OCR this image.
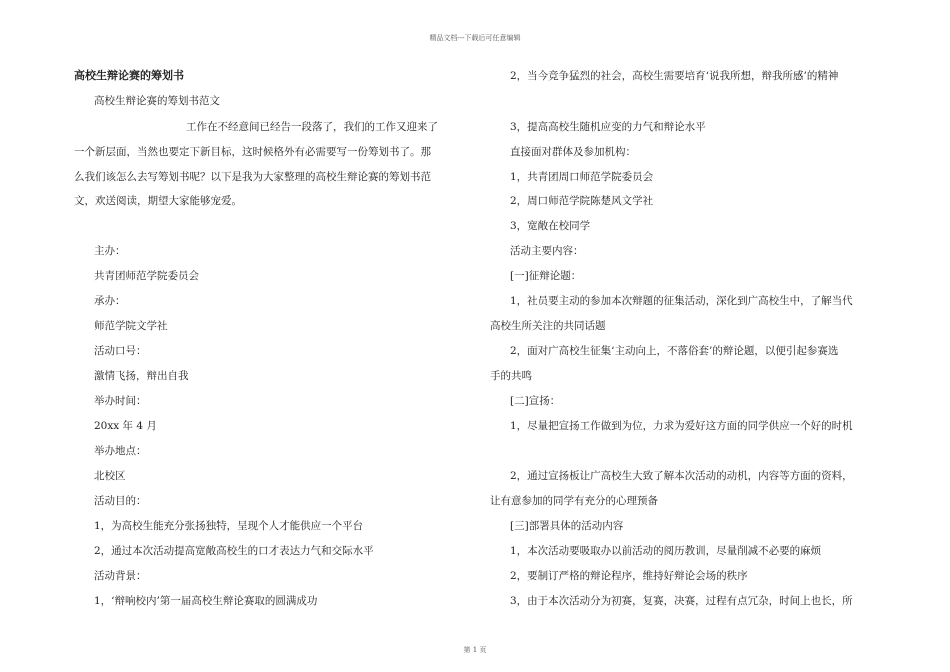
精品文档---下载后可任意编辑
高校生辩论赛的筹划书
高校生辩论赛的筹划书范文
工作在不经意间已经告一段落了，我们的工作又迎来了
一个新层面，当然也要定下新目标，这时候格外有必需要写一份筹划书了。那
么我们该怎么去写筹划书呢？以下是我为大家整理的高校生辩论赛的筹划书范
文，欢送阅读，期望大家能够宠爱。
主办：
共青团师范学院委员会
承办：
师范学院文学社
活动口号：
激情飞扬，辩出自我
举办时间：
20xx 年 4 月
举办地点：
北校区
活动目的：
1，为高校生能充分张扬独特，呈现个人才能供应一个平台
2，通过本次活动提高宽敞高校生的口才表达力气和交际水平
活动背景：
1，‘辩响校内’第一届高校生辩论赛取的圆满成功
2，当今竞争猛烈的社会，高校生需要培育‘说我所想，辩我所感’的精神
3，提高高校生随机应变的力气和辩论水平
直接面对群体及参加机构：
1，共青团周口师范学院委员会
2，周口师范学院陈楚风文学社
3，宽敞在校同学
活动主要内容：
[一]征辩论题：
1，社员要主动的参加本次辩题的征集活动，深化到广高校生中，了解当代
高校生所关注的共同话题
2，面对广高校生征集‘主动向上，不落俗套’的辩论题，以便引起参赛选
手的共鸣
[二]宣扬：
1，尽量把宣扬工作做到为位，力求为爱好这方面的同学供应一个好的时机
2，通过宣扬板让广高校生大致了解本次活动的动机，内容等方面的资料，
让有意参加的同学有充分的心理预备
[三]部署具体的活动内容
1，本次活动要吸取办以前活动的阅历教训，尽量削减不必要的麻烦
2，要制订严格的辩论程序，维持好辩论会场的秩序
3，由于本次活动分为初赛，复赛，决赛，过程有点冗杂，时间上也长，所
第 1 页
